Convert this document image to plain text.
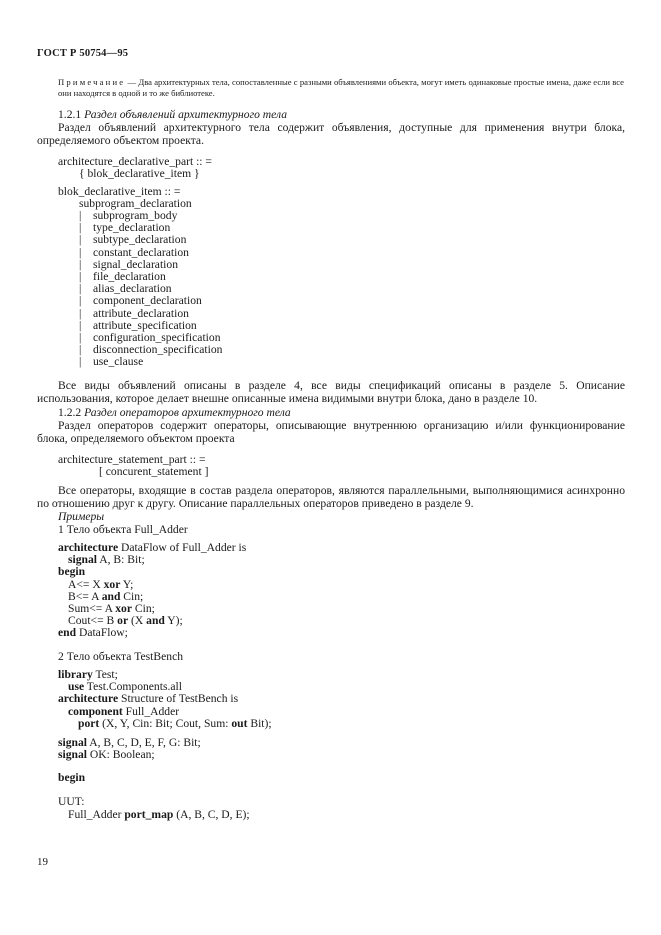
ГОСТ Р 50754—95
Примечание — Два архитектурных тела, сопоставленные с разными объявлениями объекта, могут иметь одинаковые простые имена, даже если все они находятся в одной и то же библиотеке.
1.2.1 Раздел объявлений архитектурного тела
Раздел объявлений архитектурного тела содержит объявления, доступные для применения внутри блока, определяемого объектом проекта.
architecture_declarative_part :: =
{ blok_declarative_item }
blok_declarative_item :: =
subprogram_declaration
| subprogram_body
| type_declaration
| subtype_declaration
| constant_declaration
| signal_declaration
| file_declaration
| alias_declaration
| component_declaration
| attribute_declaration
| attribute_specification
| configuration_specification
| disconnection_specification
| use_clause
Все виды объявлений описаны в разделе 4, все виды спецификаций описаны в разделе 5. Описание использования, которое делает внешне описанные имена видимыми внутри блока, дано в разделе 10.
1.2.2 Раздел операторов архитектурного тела
Раздел операторов содержит операторы, описывающие внутреннюю организацию и/или функционирование блока, определяемого объектом проекта
architecture_statement_part :: =
[ concurent_statement ]
Все операторы, входящие в состав раздела операторов, являются параллельными, выполняющимися асинхронно по отношению друг к другу. Описание параллельных операторов приведено в разделе 9.
Примеры
1 Тело объекта Full_Adder
architecture DataFlow of Full_Adder is
signal A, B: Bit;
begin
A<= X xor Y;
B<= A and Cin;
Sum<= A xor Cin;
Cout<= B or (X and Y);
end DataFlow;
2 Тело объекта TestBench
library Test;
use Test.Components.all
architecture Structure of TestBench is
component Full_Adder
port (X, Y, Cin: Bit; Cout, Sum: out Bit);
signal A, B, C, D, E, F, G: Bit;
signal OK: Boolean;
begin
UUT:
Full_Adder port_map (A, B, C, D, E);
19
